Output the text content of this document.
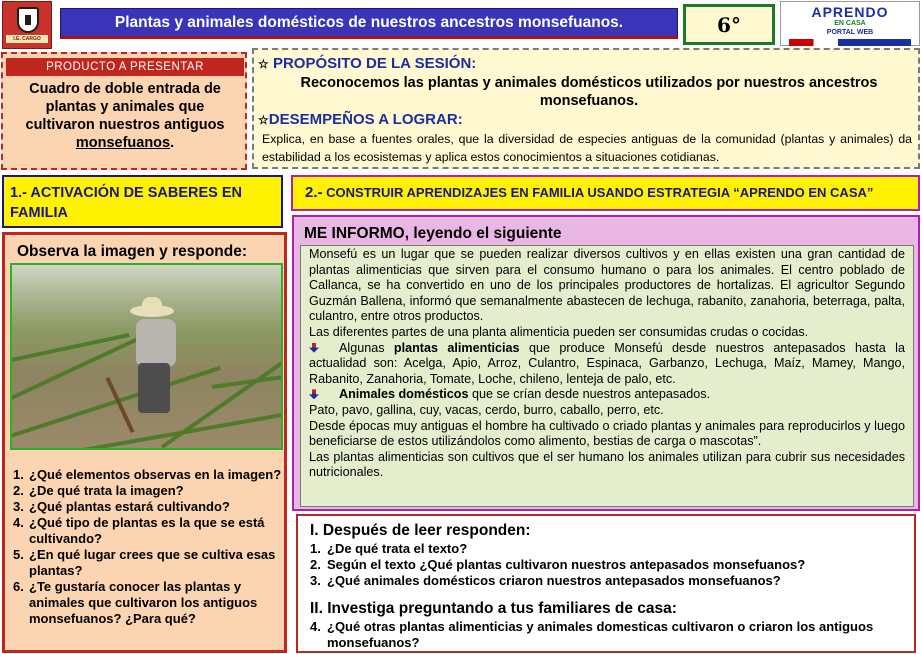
I.E. CARGO
Plantas y animales domésticos de nuestros ancestros monsefuanos.	6°
APRENDO
EN CASA
PORTAL WEB
PRODUCTO A PRESENTAR
Cuadro de doble entrada de plantas y animales que cultivaron nuestros antiguos monsefuanos.
☆ PROPÓSITO DE LA SESIÓN:
Reconocemos las plantas y animales domésticos utilizados por nuestros ancestros monsefuanos.
☆DESEMPEÑOS A LOGRAR:
Explica, en base a fuentes orales, que la diversidad de especies antiguas de la comunidad (plantas y animales) da estabilidad a los ecosistemas y aplica estos conocimientos a situaciones cotidianas.
1.- ACTIVACIÓN DE SABERES EN FAMILIA
2.- CONSTRUIR APRENDIZAJES EN FAMILIA USANDO ESTRATEGIA “APRENDO EN CASA”
Observa la imagen y responde:
1. ¿Qué elementos observas en la imagen?
2. ¿De qué trata la imagen?
3. ¿Qué plantas estará cultivando?
4. ¿Qué tipo de plantas es la que se está cultivando?
5. ¿En qué lugar crees que se cultiva esas plantas?
6. ¿Te gustaría conocer las plantas y animales que cultivaron los antiguos monsefuanos? ¿Para qué?
ME INFORMO, leyendo el siguiente

Monsefú es un lugar que se pueden realizar diversos cultivos y en ellas existen una gran cantidad de plantas alimenticias que sirven para el consumo humano o para los animales. El centro poblado de Callanca, se ha convertido en uno de los principales productores de hortalizas. El agricultor Segundo Guzmán Ballena, informó que semanalmente abastecen de lechuga, rabanito, zanahoria, beterraga, palta, culantro, entre otros productos.

Las diferentes partes de una planta alimenticia pueden ser consumidas crudas o cocidas.

Algunas plantas alimenticias que produce Monsefú desde nuestros antepasados hasta la actualidad son: Acelga, Apio, Arroz, Culantro, Espinaca, Garbanzo, Lechuga, Maíz, Mamey, Mango, Rabanito, Zanahoria, Tomate, Loche, chileno, lenteja de palo, etc.

Animales domésticos que se crían desde nuestros antepasados.

Pato, pavo, gallina, cuy, vacas, cerdo, burro, caballo, perro, etc.

Desde épocas muy antiguas el hombre ha cultivado o criado plantas y animales para reproducirlos y luego beneficiarse de estos utilizándolos como alimento, bestias de carga o mascotas”.

Las plantas alimenticias son cultivos que el ser humano los animales utilizan para cubrir sus necesidades nutricionales.

I. Después de leer responden:
1. ¿De qué trata el texto?
2. Según el texto ¿Qué plantas cultivaron nuestros antepasados monsefuanos?
3. ¿Qué animales domésticos criaron nuestros antepasados monsefuanos?
II. Investiga preguntando a tus familiares de casa:
4. ¿Qué otras plantas alimenticias y animales domesticas cultivaron o criaron los antiguos monsefuanos?
